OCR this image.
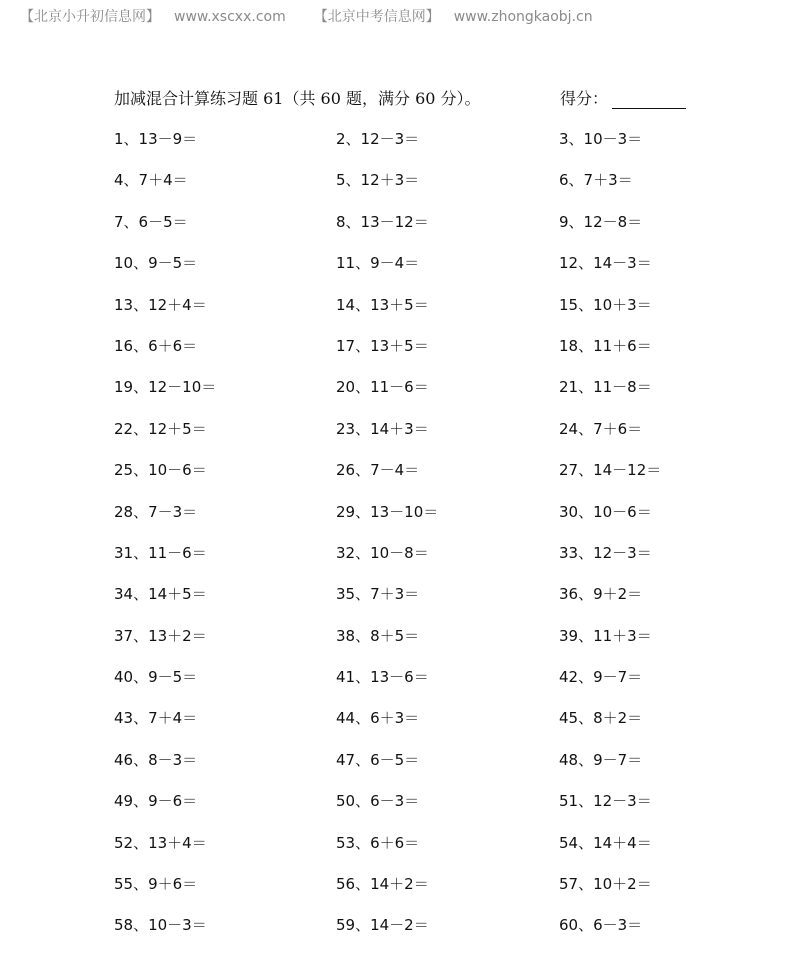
【北京小升初信息网】 www.xscxx.com 【北京中考信息网】 www.zhongkaobj.cn
加减混合计算练习题 61（共 60 题，满分 60 分）。	得分：
1、13－9＝	2、12－3＝	3、10－3＝
4、7＋4＝	5、12＋3＝	6、7＋3＝
7、6－5＝	8、13－12＝	9、12－8＝
10、9－5＝	11、9－4＝	12、14－3＝
13、12＋4＝	14、13＋5＝	15、10＋3＝
16、6＋6＝	17、13＋5＝	18、11＋6＝
19、12－10＝	20、11－6＝	21、11－8＝
22、12＋5＝	23、14＋3＝	24、7＋6＝
25、10－6＝	26、7－4＝	27、14－12＝
28、7－3＝	29、13－10＝	30、10－6＝
31、11－6＝	32、10－8＝	33、12－3＝
34、14＋5＝	35、7＋3＝	36、9＋2＝
37、13＋2＝	38、8＋5＝	39、11＋3＝
40、9－5＝	41、13－6＝	42、9－7＝
43、7＋4＝	44、6＋3＝	45、8＋2＝
46、8－3＝	47、6－5＝	48、9－7＝
49、9－6＝	50、6－3＝	51、12－3＝
52、13＋4＝	53、6＋6＝	54、14＋4＝
55、9＋6＝	56、14＋2＝	57、10＋2＝
58、10－3＝	59、14－2＝	60、6－3＝
